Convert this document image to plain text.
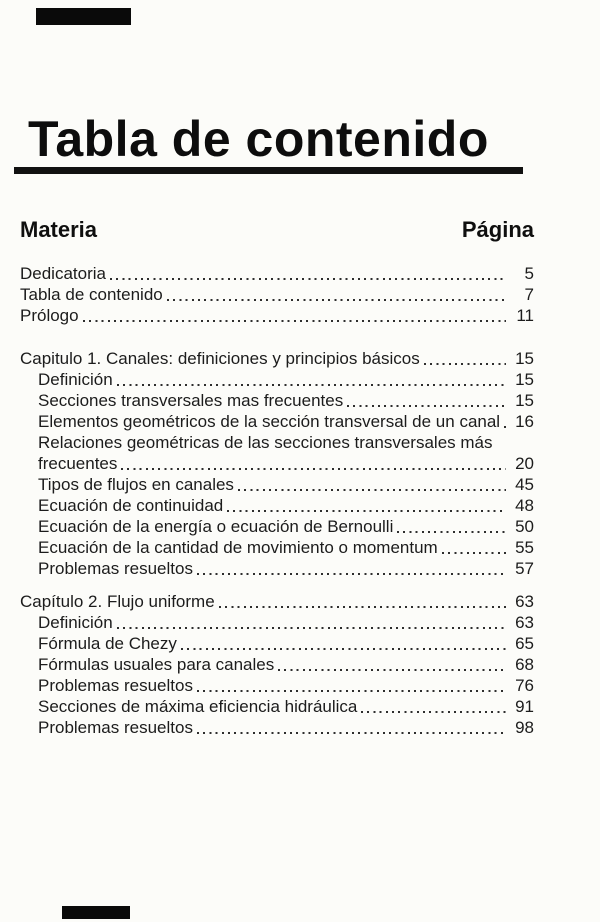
Tabla de contenido
Materia	Página
Dedicatoria	5
Tabla de contenido	7
Prólogo	11
Capitulo 1. Canales: definiciones y principios básicos	15
Definición	15
Secciones transversales mas frecuentes	15
Elementos geométricos de la sección transversal de un canal 16
Relaciones geométricas de las secciones transversales más
frecuentes	20
Tipos de flujos en canales	45
Ecuación de continuidad	48
Ecuación de la energía o ecuación de Bernoulli	50
Ecuación de la cantidad de movimiento o momentum	55
Problemas resueltos	57
Capítulo 2. Flujo uniforme	63
Definición	63
Fórmula de Chezy	65
Fórmulas usuales para canales	68
Problemas resueltos	76
Secciones de máxima eficiencia hidráulica	91
Problemas resueltos	98
